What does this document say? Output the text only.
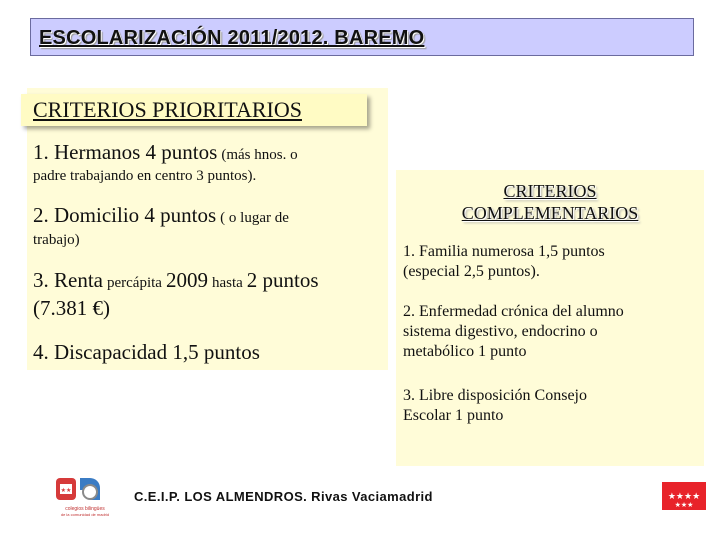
ESCOLARIZACIÓN 2011/2012. BAREMO
CRITERIOS PRIORITARIOS
1. Hermanos 4 puntos (más hnos. o
padre trabajando en centro 3 puntos).
2. Domicilio 4 puntos ( o lugar de
trabajo)
3. Renta percápita 2009 hasta 2 puntos
(7.381 €)
4. Discapacidad 1,5 puntos
CRITERIOS
COMPLEMENTARIOS
1. Familia numerosa 1,5 puntos
(especial 2,5 puntos).
2. Enfermedad crónica del alumno
sistema digestivo, endocrino o
metabólico 1 punto
3. Libre disposición Consejo
Escolar 1 punto
★★
colegios bilingües
de la comunidad de madrid
C.E.I.P. LOS ALMENDROS. Rivas Vaciamadrid	★★★★
★★★
